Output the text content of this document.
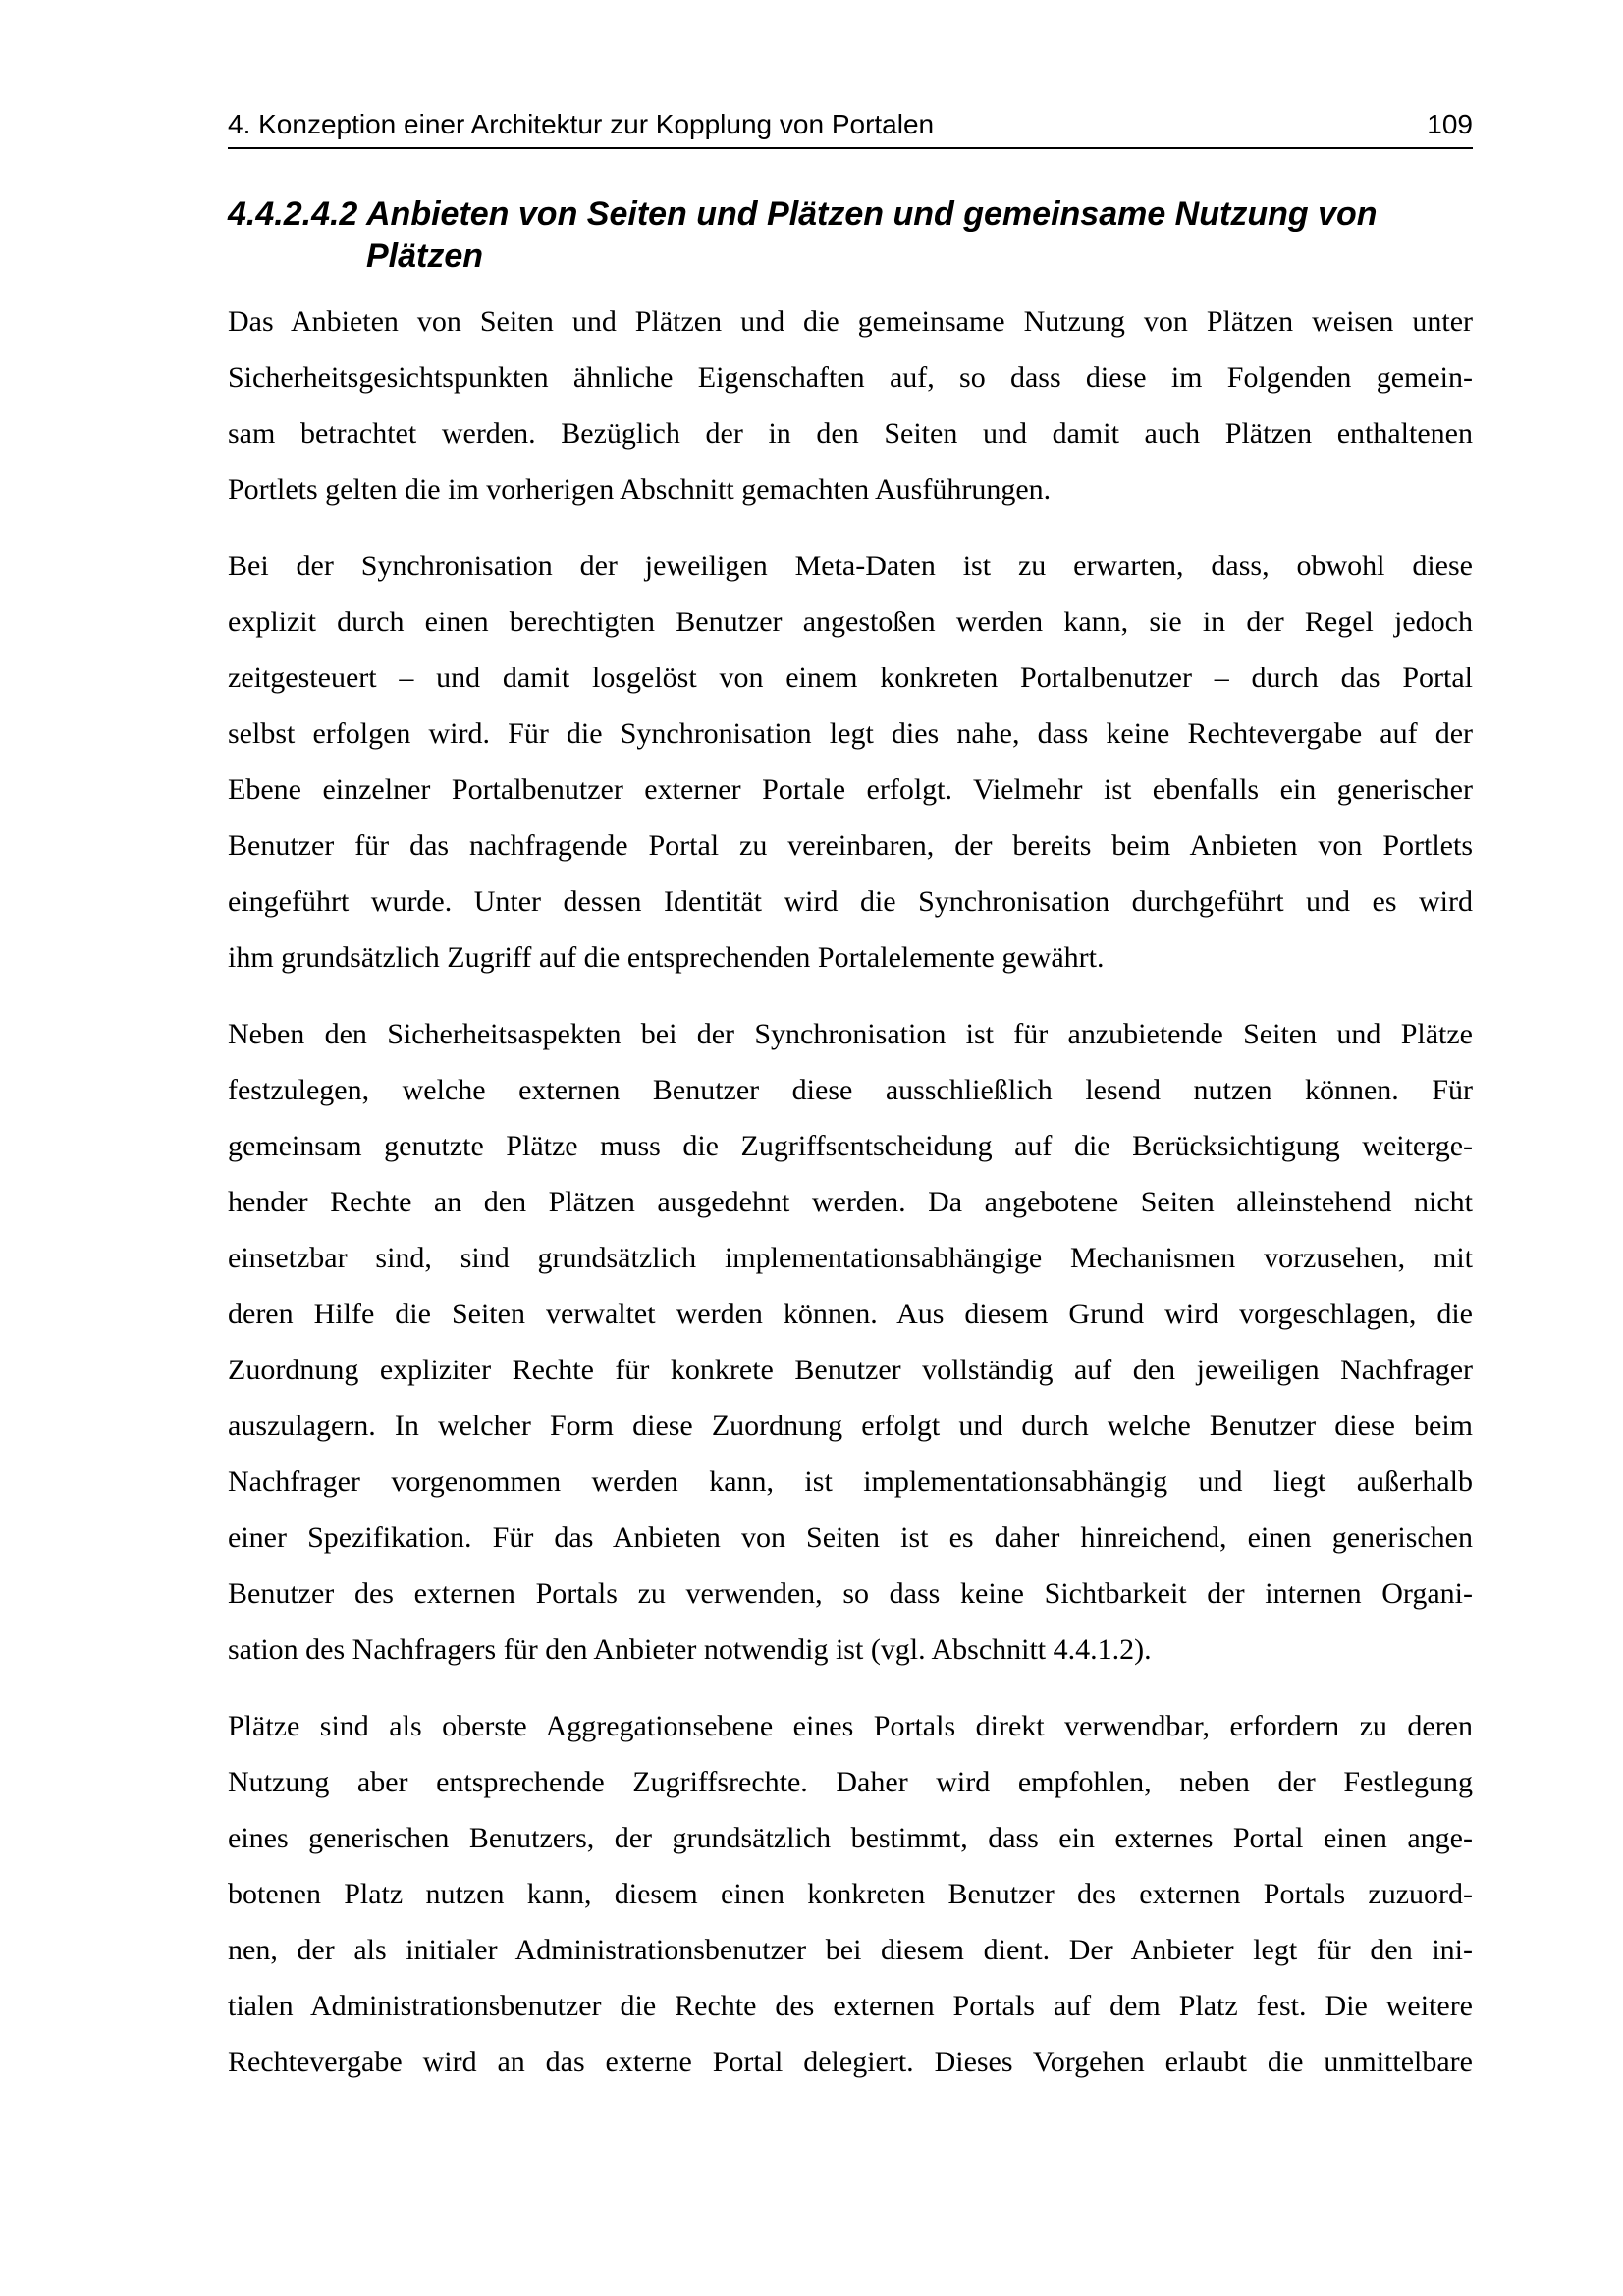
4. Konzeption einer Architektur zur Kopplung von Portalen	109
4.4.2.4.2 Anbieten von Seiten und Plätzen und gemeinsame Nutzung von
Plätzen
Das Anbieten von Seiten und Plätzen und die gemeinsame Nutzung von Plätzen weisen unter
Sicherheitsgesichtspunkten ähnliche Eigenschaften auf, so dass diese im Folgenden gemein-
sam betrachtet werden. Bezüglich der in den Seiten und damit auch Plätzen enthaltenen
Portlets gelten die im vorherigen Abschnitt gemachten Ausführungen.
Bei der Synchronisation der jeweiligen Meta-Daten ist zu erwarten, dass, obwohl diese
explizit durch einen berechtigten Benutzer angestoßen werden kann, sie in der Regel jedoch
zeitgesteuert – und damit losgelöst von einem konkreten Portalbenutzer – durch das Portal
selbst erfolgen wird. Für die Synchronisation legt dies nahe, dass keine Rechtevergabe auf der
Ebene einzelner Portalbenutzer externer Portale erfolgt. Vielmehr ist ebenfalls ein generischer
Benutzer für das nachfragende Portal zu vereinbaren, der bereits beim Anbieten von Portlets
eingeführt wurde. Unter dessen Identität wird die Synchronisation durchgeführt und es wird
ihm grundsätzlich Zugriff auf die entsprechenden Portalelemente gewährt.
Neben den Sicherheitsaspekten bei der Synchronisation ist für anzubietende Seiten und Plätze
festzulegen, welche externen Benutzer diese ausschließlich lesend nutzen können. Für
gemeinsam genutzte Plätze muss die Zugriffsentscheidung auf die Berücksichtigung weiterge-
hender Rechte an den Plätzen ausgedehnt werden. Da angebotene Seiten alleinstehend nicht
einsetzbar sind, sind grundsätzlich implementationsabhängige Mechanismen vorzusehen, mit
deren Hilfe die Seiten verwaltet werden können. Aus diesem Grund wird vorgeschlagen, die
Zuordnung expliziter Rechte für konkrete Benutzer vollständig auf den jeweiligen Nachfrager
auszulagern. In welcher Form diese Zuordnung erfolgt und durch welche Benutzer diese beim
Nachfrager vorgenommen werden kann, ist implementationsabhängig und liegt außerhalb
einer Spezifikation. Für das Anbieten von Seiten ist es daher hinreichend, einen generischen
Benutzer des externen Portals zu verwenden, so dass keine Sichtbarkeit der internen Organi-
sation des Nachfragers für den Anbieter notwendig ist (vgl. Abschnitt 4.4.1.2).
Plätze sind als oberste Aggregationsebene eines Portals direkt verwendbar, erfordern zu deren
Nutzung aber entsprechende Zugriffsrechte. Daher wird empfohlen, neben der Festlegung
eines generischen Benutzers, der grundsätzlich bestimmt, dass ein externes Portal einen ange-
botenen Platz nutzen kann, diesem einen konkreten Benutzer des externen Portals zuzuord-
nen, der als initialer Administrationsbenutzer bei diesem dient. Der Anbieter legt für den ini-
tialen Administrationsbenutzer die Rechte des externen Portals auf dem Platz fest. Die weitere
Rechtevergabe wird an das externe Portal delegiert. Dieses Vorgehen erlaubt die unmittelbare
